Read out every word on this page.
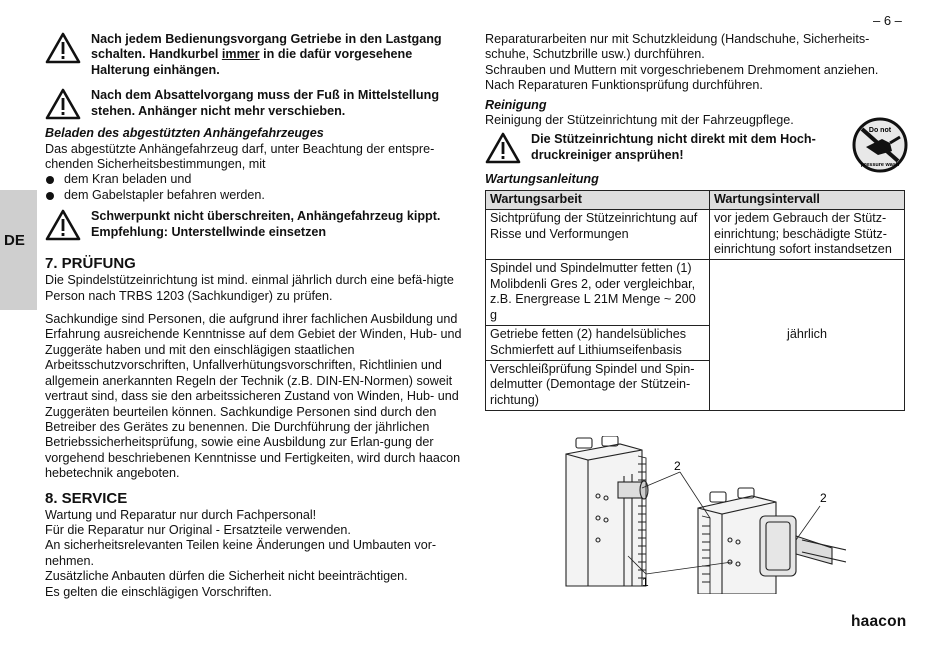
– 6 –
DE
Nach jedem Bedienungsvorgang Getriebe in den Lastgang schalten. Handkurbel immer in die dafür vorgesehene Halterung einhängen.
Nach dem Absattelvorgang muss der Fuß in Mittelstellung stehen. Anhänger nicht mehr verschieben.
Beladen des abgestützten Anhängefahrzeuges
Das abgestützte Anhängefahrzeug darf, unter Beachtung der entspre-chenden Sicherheitsbestimmungen, mit
dem Kran beladen und
dem Gabelstapler befahren werden.
Schwerpunkt nicht überschreiten, Anhängefahrzeug kippt. Empfehlung: Unterstellwinde einsetzen
7. PRÜFUNG
Die Spindelstützeinrichtung ist mind. einmal jährlich durch eine befä-higte Person nach TRBS 1203 (Sachkundiger) zu prüfen.
Sachkundige sind Personen, die aufgrund ihrer fachlichen Ausbildung und Erfahrung ausreichende Kenntnisse auf dem Gebiet der Winden, Hub- und Zuggeräte haben und mit den einschlägigen staatlichen Arbeitsschutzvorschriften, Unfallverhütungsvorschriften, Richtlinien und allgemein anerkannten Regeln der Technik (z.B. DIN-EN-Normen) soweit vertraut sind, dass sie den arbeitssicheren Zustand von Winden, Hub- und Zuggeräten beurteilen können. Sachkundige Personen sind durch den Betreiber des Gerätes zu benennen. Die Durchführung der jährlichen Betriebssicherheitsprüfung, sowie eine Ausbildung zur Erlan-gung der vorgehend beschriebenen Kenntnisse und Fertigkeiten, wird durch haacon hebetechnik angeboten.
8. SERVICE
Wartung und Reparatur nur durch Fachpersonal!
Für die Reparatur nur Original - Ersatzteile verwenden.
An sicherheitsrelevanten Teilen keine Änderungen und Umbauten vor-nehmen.
Zusätzliche Anbauten dürfen die Sicherheit nicht beeinträchtigen.
Es gelten die einschlägigen Vorschriften.
Reparaturarbeiten nur mit Schutzkleidung (Handschuhe, Sicherheits-schuhe, Schutzbrille usw.) durchführen.
Schrauben und Muttern mit vorgeschriebenem Drehmoment anziehen.
Nach Reparaturen Funktionsprüfung durchführen.
Reinigung
Reinigung der Stützeinrichtung mit der Fahrzeugpflege.
Die Stützeinrichtung nicht direkt mit dem Hoch-druckreiniger ansprühen!
Wartungsanleitung
Wartungsarbeit	Wartungsintervall
Sichtprüfung der Stützeinrichtung auf Risse und Verformungen	vor jedem Gebrauch der Stütz-einrichtung; beschädigte Stütz-einrichtung sofort instandsetzen
Spindel und Spindelmutter fetten (1) Molibdenli Gres 2, oder vergleichbar, z.B. Energrease L 21M Menge ~ 200 g	jährlich
Getriebe fetten (2) handelsübliches Schmierfett auf Lithiumseifenbasis	
Verschleißprüfung Spindel und Spin-delmutter (Demontage der Stützein-richtung)	
Do not
pressure wash
2
2
1
haacon
